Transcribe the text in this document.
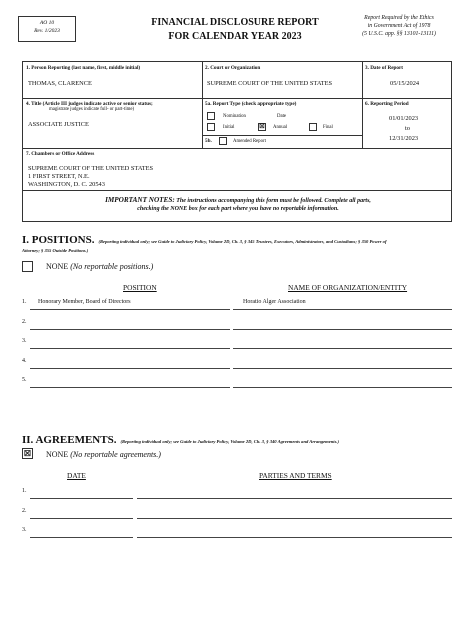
AO 10
Rev. 1/2023
FINANCIAL DISCLOSURE REPORT
FOR CALENDAR YEAR 2023
Report Required by the Ethics
in Government Act of 1978
(5 U.S.C. app. §§ 13101-13111)
1. Person Reporting (last name, first, middle initial)
THOMAS, CLARENCE
2. Court or Organization
SUPREME COURT OF THE UNITED STATES
3. Date of Report
05/15/2024
4. Title (Article III judges indicate active or senior status;
magistrate judges indicate full- or part-time)
ASSOCIATE JUSTICE
5a. Report Type (check appropriate type)
Nomination	Date
Initial	☒ Annual	Final
5b.	Amended Report
6. Reporting Period
01/01/2023
to
12/31/2023
7. Chambers or Office Address
SUPREME COURT OF THE UNITED STATES
1 FIRST STREET, N.E.
WASHINGTON, D. C. 20543
IMPORTANT NOTES: The instructions accompanying this form must be followed. Complete all parts,
checking the NONE box for each part where you have no reportable information.
I. POSITIONS. (Reporting individual only; see Guide to Judiciary Policy, Volume 2D, Ch. 3, § 345 Trustees, Executors, Administrators, and Custodians; § 350 Power of
Attorney; § 355 Outside Positions.)
NONE (No reportable positions.)
POSITION	NAME OF ORGANIZATION/ENTITY
1. Honorary Member, Board of Directors	Horatio Alger Association
2.
3.
4.
5.
II. AGREEMENTS. (Reporting individual only; see Guide to Judiciary Policy, Volume 2D, Ch. 3, § 340 Agreements and Arrangements.)
☒ NONE (No reportable agreements.)
DATE	PARTIES AND TERMS
1.
2.
3.
